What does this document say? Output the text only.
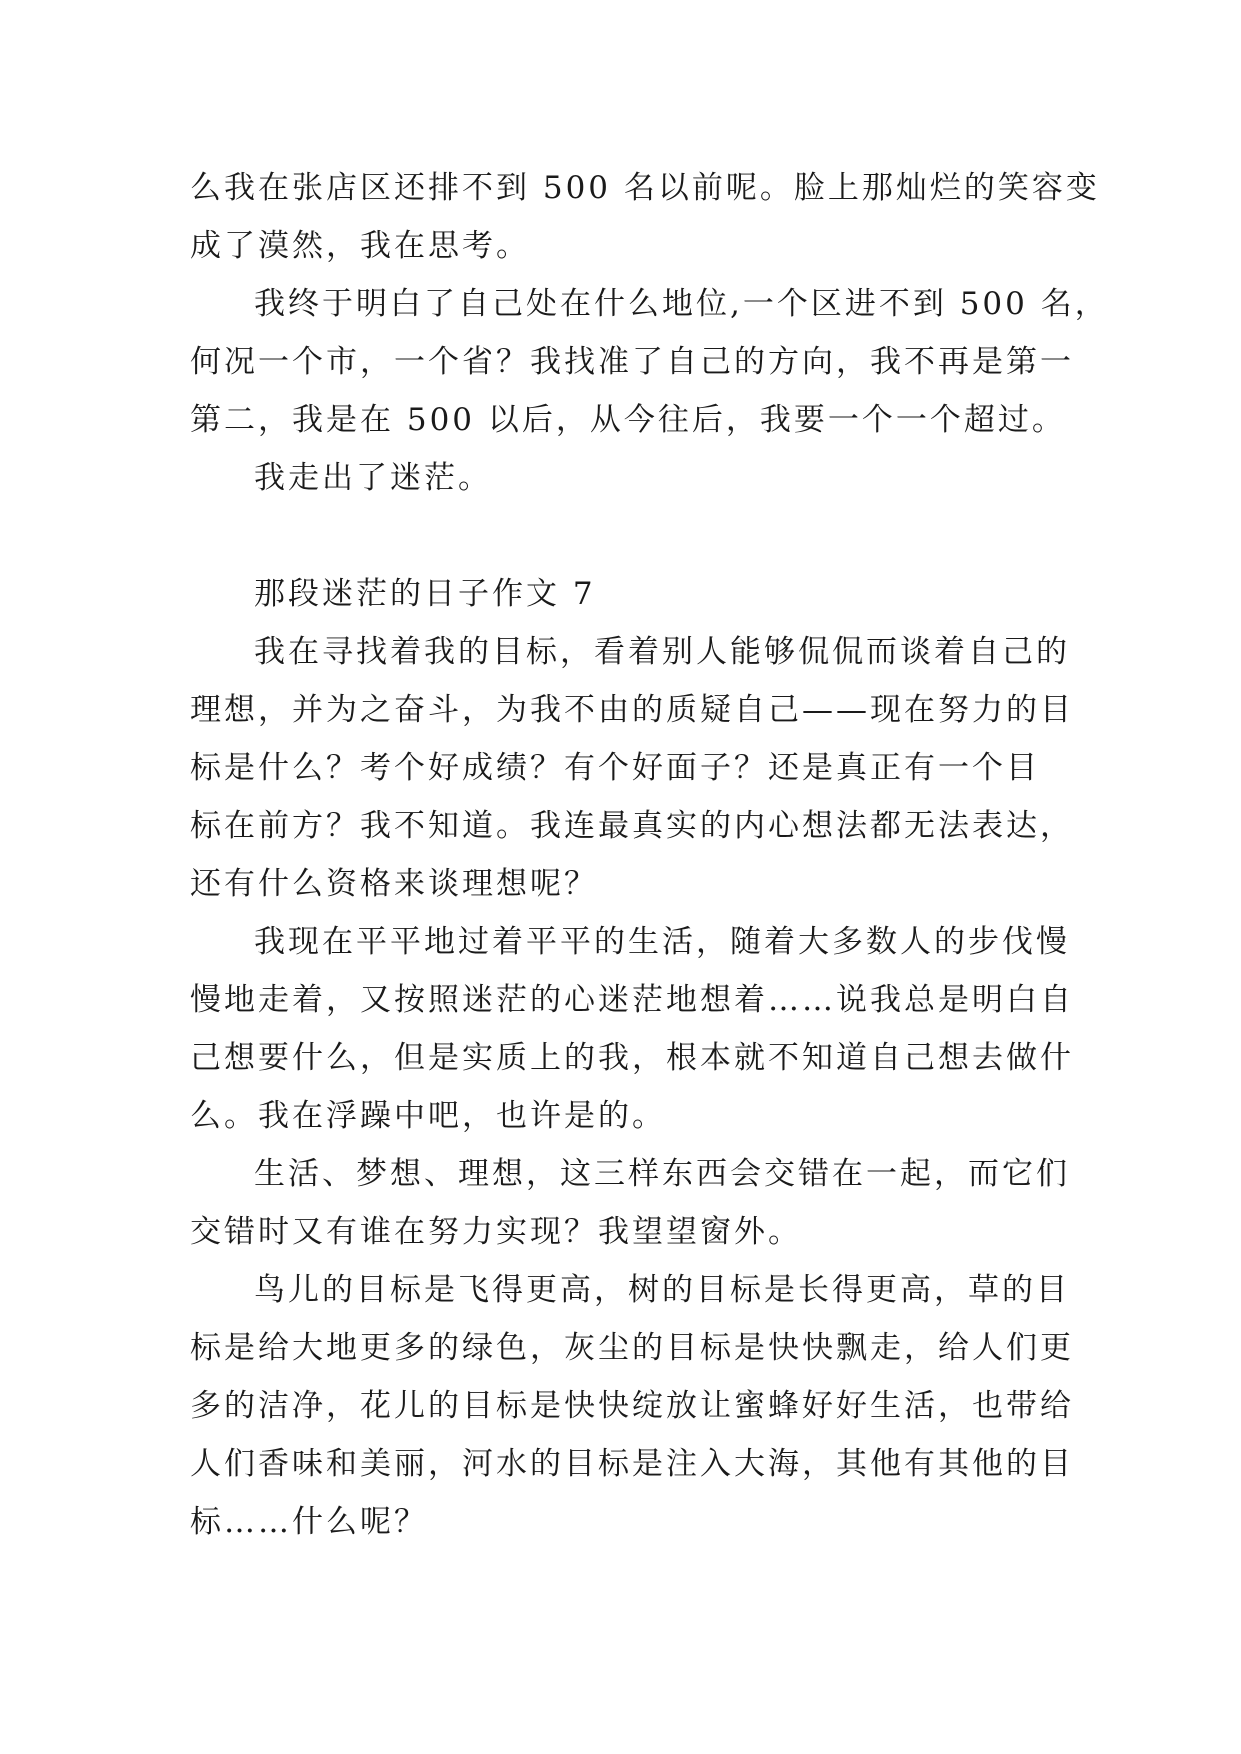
么我在张店区还排不到 500 名以前呢。脸上那灿烂的笑容变
成了漠然，我在思考。
我终于明白了自己处在什么地位,一个区进不到 500 名，
何况一个市，一个省？我找准了自己的方向，我不再是第一
第二，我是在 500 以后，从今往后，我要一个一个超过。
我走出了迷茫。
那段迷茫的日子作文 7
我在寻找着我的目标，看着别人能够侃侃而谈着自己的
理想，并为之奋斗，为我不由的质疑自己——现在努力的目
标是什么？考个好成绩？有个好面子？还是真正有一个目
标在前方？我不知道。我连最真实的内心想法都无法表达，
还有什么资格来谈理想呢？
我现在平平地过着平平的生活，随着大多数人的步伐慢
慢地走着，又按照迷茫的心迷茫地想着……说我总是明白自
己想要什么，但是实质上的我，根本就不知道自己想去做什
么。我在浮躁中吧，也许是的。
生活、梦想、理想，这三样东西会交错在一起，而它们
交错时又有谁在努力实现？我望望窗外。
鸟儿的目标是飞得更高，树的目标是长得更高，草的目
标是给大地更多的绿色，灰尘的目标是快快飘走，给人们更
多的洁净，花儿的目标是快快绽放让蜜蜂好好生活，也带给
人们香味和美丽，河水的目标是注入大海，其他有其他的目
标……什么呢？
